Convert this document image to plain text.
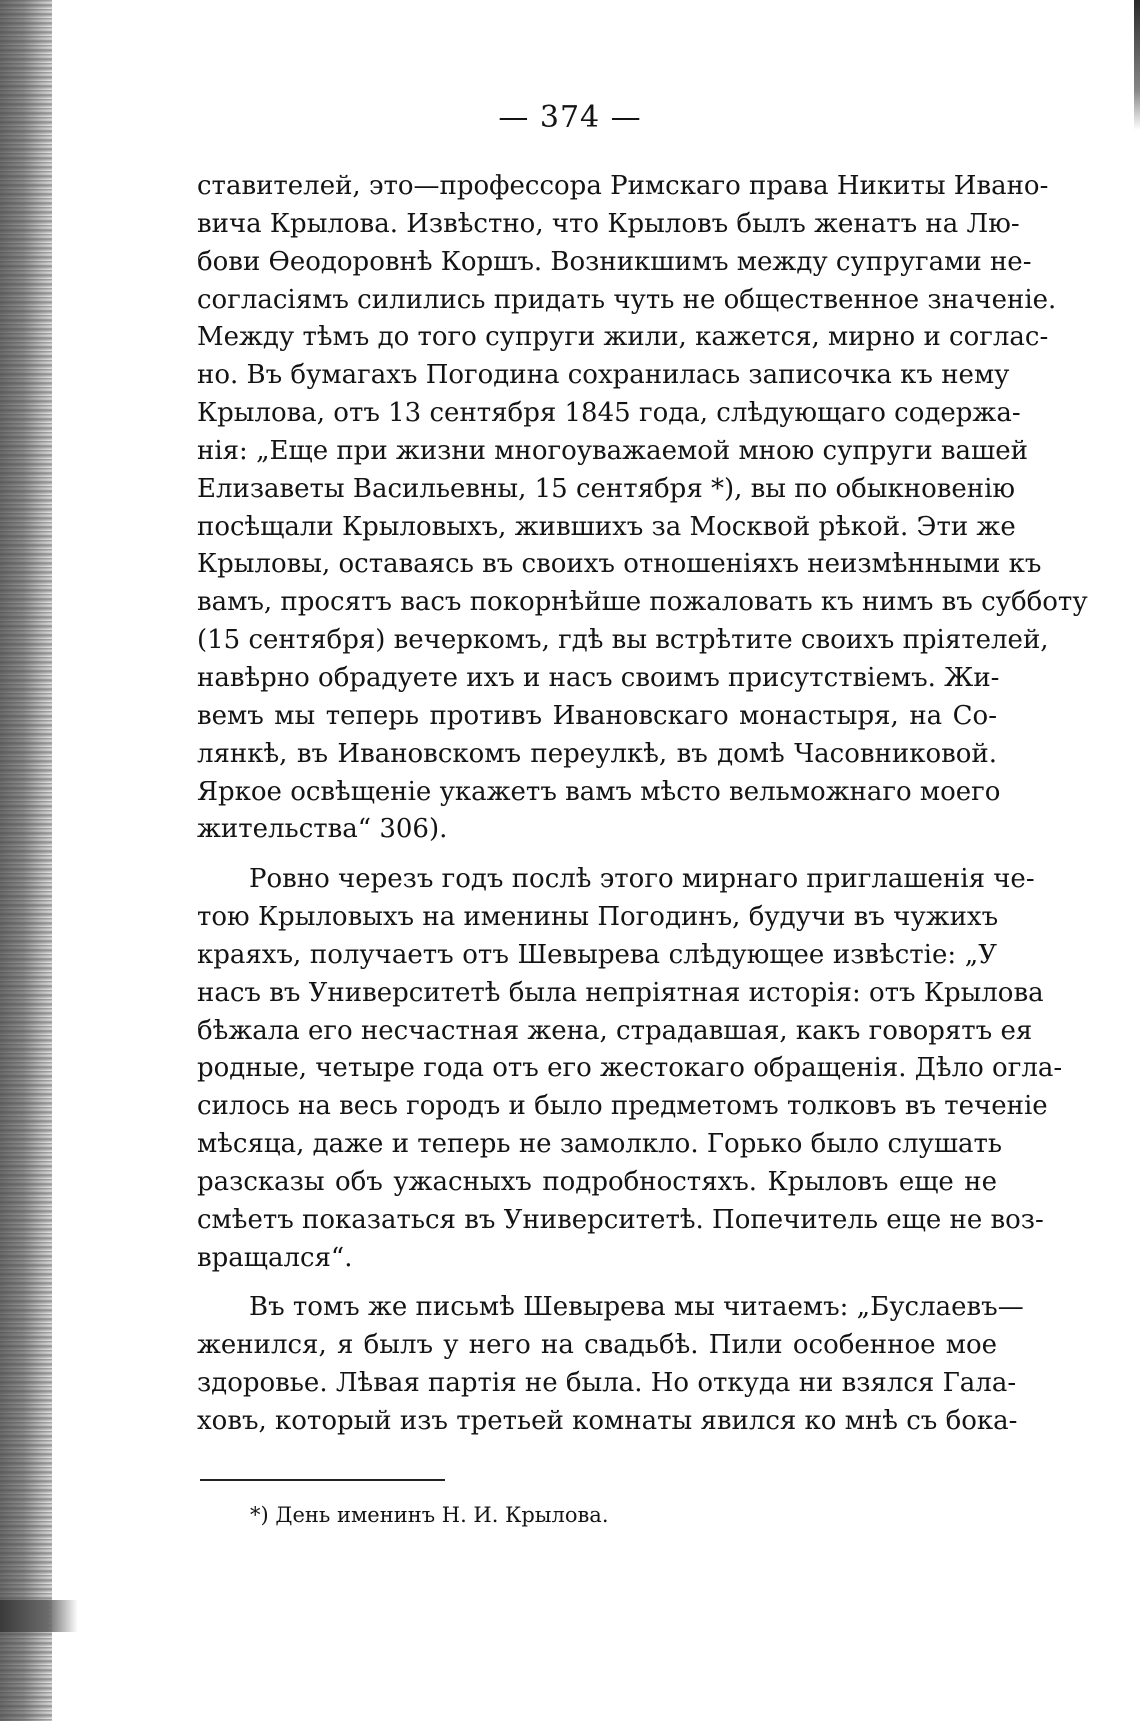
— 374 —
ставителей, это—профессора Римскаго права Никиты Ивано-
вича Крылова. Извѣстно, что Крыловъ былъ женатъ на Лю-
бови Ѳеодоровнѣ Коршъ. Возникшимъ между супругами не-
согласіямъ силились придать чуть не общественное значеніе.
Между тѣмъ до того супруги жили, кажется, мирно и соглас-
но. Въ бумагахъ Погодина сохранилась записочка къ нему
Крылова, отъ 13 сентября 1845 года, слѣдующаго содержа-
нія: „Еще при жизни многоуважаемой мною супруги вашей
Елизаветы Васильевны, 15 сентября *), вы по обыкновенію
посѣщали Крыловыхъ, жившихъ за Москвой рѣкой. Эти же
Крыловы, оставаясь въ своихъ отношеніяхъ неизмѣнными къ
вамъ, просятъ васъ покорнѣйше пожаловать къ нимъ въ субботу
(15 сентября) вечеркомъ, гдѣ вы встрѣтите своихъ пріятелей,
навѣрно обрадуете ихъ и насъ своимъ присутствіемъ. Жи-
вемъ мы теперь противъ Ивановскаго монастыря, на Со-
лянкѣ, въ Ивановскомъ переулкѣ, въ домѣ Часовниковой.
Яркое освѣщеніе укажетъ вамъ мѣсто вельможнаго моего
жительства“ 306).
Ровно черезъ годъ послѣ этого мирнаго приглашенія че-
тою Крыловыхъ на именины Погодинъ, будучи въ чужихъ
краяхъ, получаетъ отъ Шевырева слѣдующее извѣстіе: „У
насъ въ Университетѣ была непріятная исторія: отъ Крылова
бѣжала его несчастная жена, страдавшая, какъ говорятъ ея
родные, четыре года отъ его жестокаго обращенія. Дѣло огла-
силось на весь городъ и было предметомъ толковъ въ теченіе
мѣсяца, даже и теперь не замолкло. Горько было слушать
разсказы объ ужасныхъ подробностяхъ. Крыловъ еще не
смѣетъ показаться въ Университетѣ. Попечитель еще не воз-
вращался“.
Въ томъ же письмѣ Шевырева мы читаемъ: „Буслаевъ—
женился, я былъ у него на свадьбѣ. Пили особенное мое
здоровье. Лѣвая партія не была. Но откуда ни взялся Гала-
ховъ, который изъ третьей комнаты явился ко мнѣ съ бока-
*) День именинъ Н. И. Крылова.
